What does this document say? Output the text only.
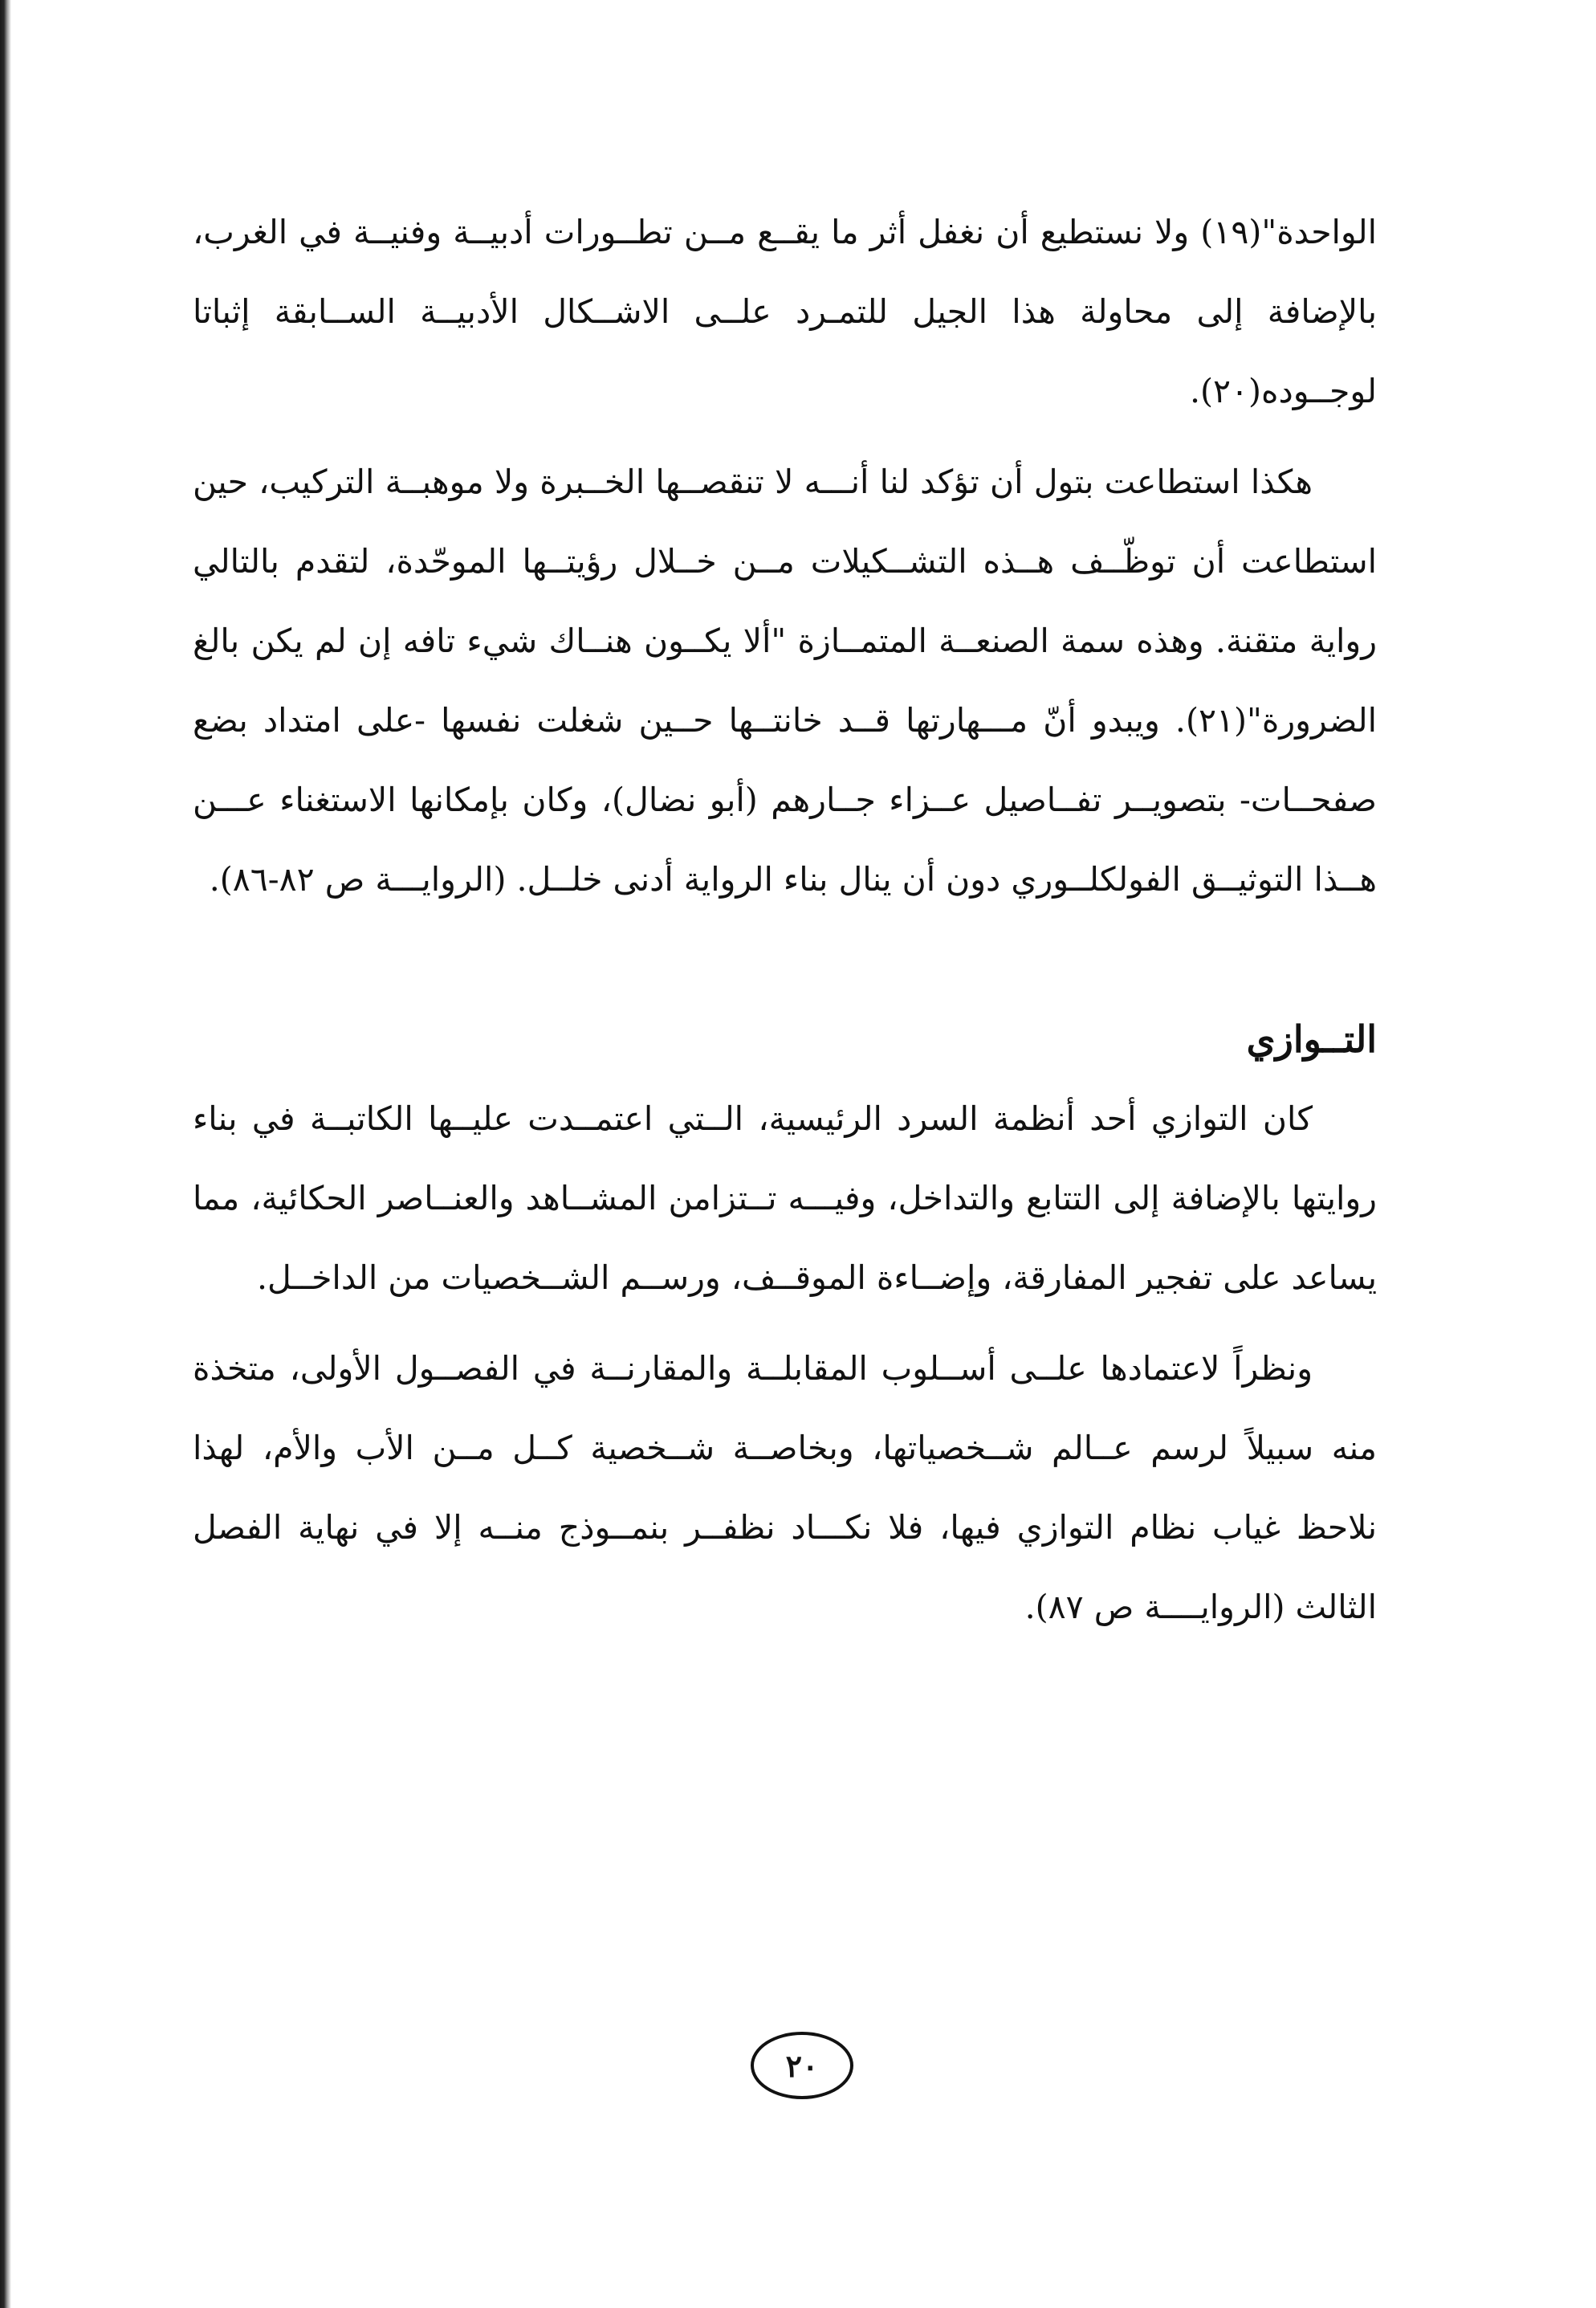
الواحدة"(١٩) ولا نستطيع أن نغفل أثر ما يقــع مــن تطــورات أدبيــة وفنيــة في الغرب، بالإضافة إلى محاولة هذا الجيل للتمـرد علــى الاشــكال الأدبيــة الســابقة إثباتا لوجــوده(٢٠).

هكذا استطاعت بتول أن تؤكد لنا أنـــه لا تنقصــها الخــبرة ولا موهبــة التركيب، حين استطاعت أن توظّــف هــذه التشــكيلات مــن خــلال رؤيتــها الموحّدة، لتقدم بالتالي رواية متقنة. وهذه سمة الصنعــة المتمــازة "ألا يكــون هنــاك شيء تافه إن لم يكن بالغ الضرورة"(٢١). ويبدو أنّ مـــهارتها قــد خانتــها حــين شغلت نفسها -على امتداد بضع صفحــات- بتصويــر تفــاصيل عــزاء جــارهم (أبو نضال)، وكان بإمكانها الاستغناء عـــن هــذا التوثيــق الفولكلــوري دون أن ينال بناء الرواية أدنى خلــل. (الروايـــة ص ٨٢-٨٦).

التــوازي

كان التوازي أحد أنظمة السرد الرئيسية، الــتي اعتمــدت عليــها الكاتبــة في بناء روايتها بالإضافة إلى التتابع والتداخل، وفيـــه تــتزامن المشــاهد والعنــاصر الحكائية، مما يساعد على تفجير المفارقة، وإضــاءة الموقــف، ورســم الشــخصيات من الداخــل.

ونظراً لاعتمادها علــى أســلوب المقابلــة والمقارنــة في الفصــول الأولى، متخذة منه سبيلاً لرسم عــالم شــخصياتها، وبخاصــة شــخصية كــل مــن الأب والأم، لهذا نلاحظ غياب نظام التوازي فيها، فلا نكـــاد نظفــر بنمــوذج منــه إلا في نهاية الفصل الثالث (الروايــــة ص ٨٧).

٢٠
